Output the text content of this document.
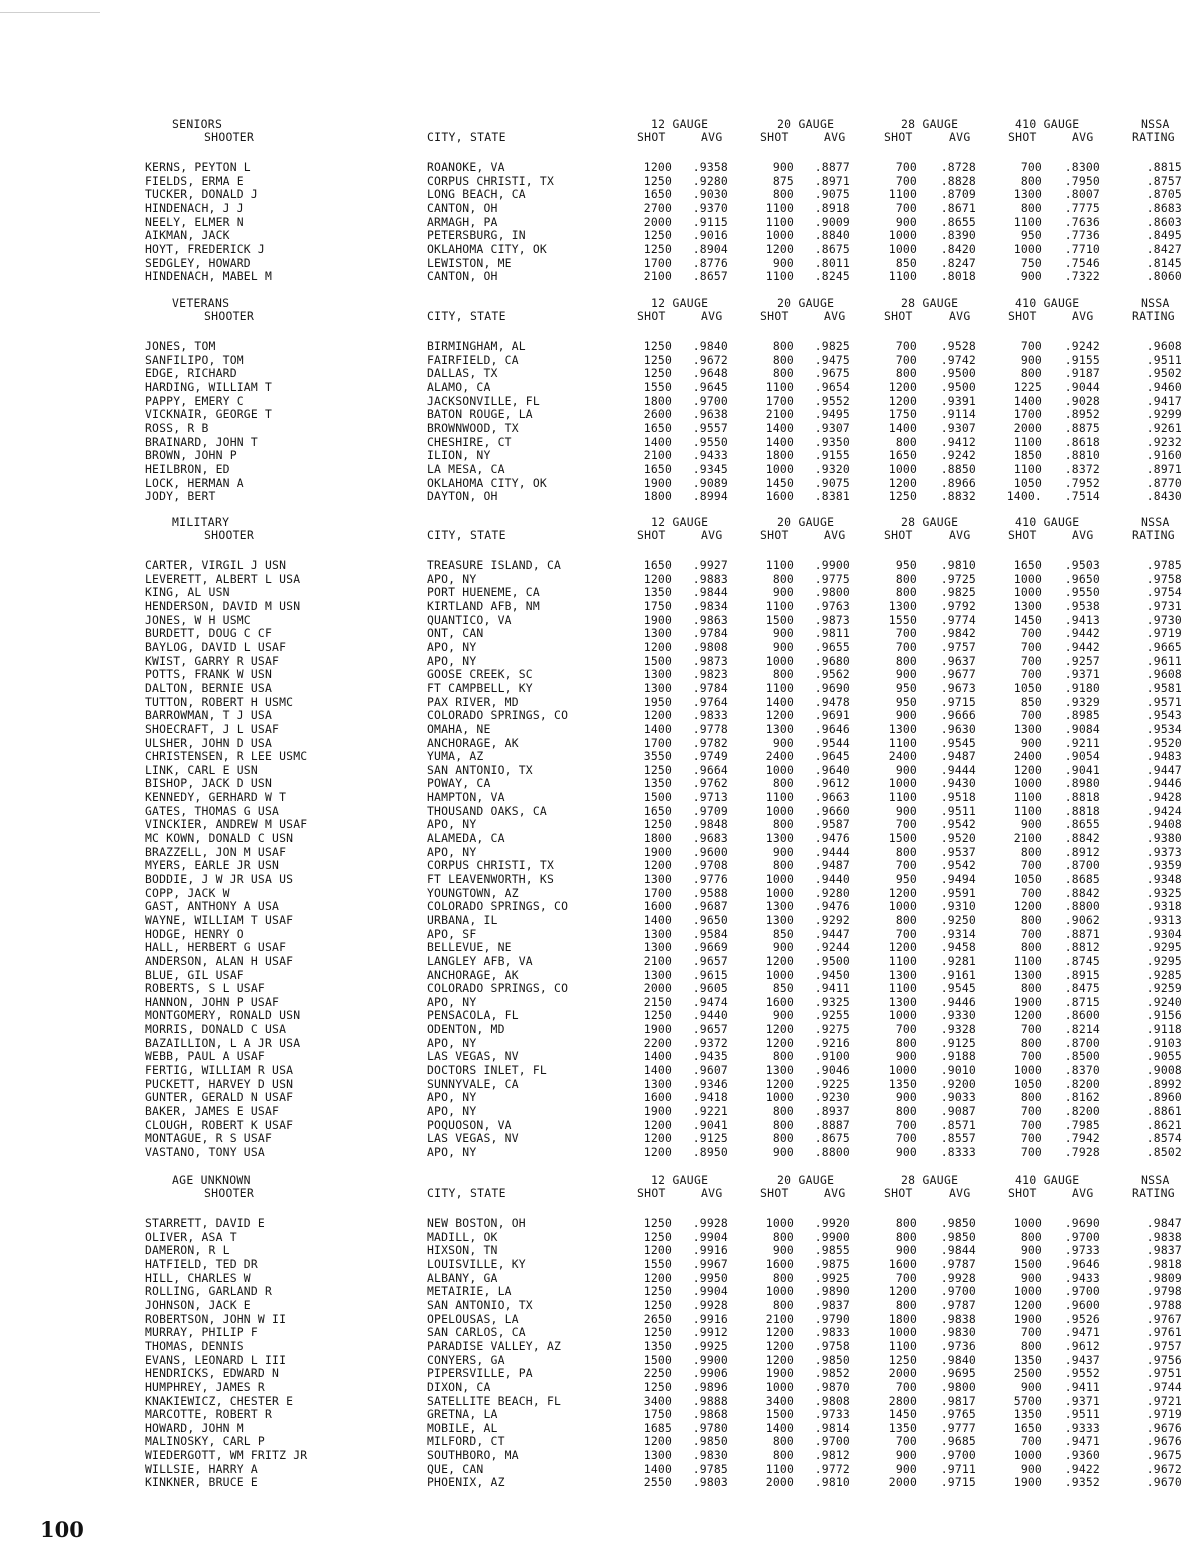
SENIORS	12 GAUGE	20 GAUGE	28 GAUGE	410 GAUGE	NSSA
SHOOTER	CITY, STATE	SHOT	AVG	SHOT	AVG	SHOT	AVG	SHOT	AVG	RATING
KERNS, PEYTON L	ROANOKE, VA	1200 .9358	900 .8877	700 .8728	700 .8300	.8815
FIELDS, ERMA E	CORPUS CHRISTI, TX	1250 .9280	875 .8971	700 .8828	800 .7950	.8757
TUCKER, DONALD J	LONG BEACH, CA	1650 .9030	800 .9075	1100 .8709	1300 .8007	.8705
HINDENACH, J J	CANTON, OH	2700 .9370	1100 .8918	700 .8671	800 .7775	.8683
NEELY, ELMER N	ARMAGH, PA	2000 .9115	1100 .9009	900 .8655	1100 .7636	.8603
AIKMAN, JACK	PETERSBURG, IN	1250 .9016	1000 .8840	1000 .8390	950 .7736	.8495
HOYT, FREDERICK J	OKLAHOMA CITY, OK	1250 .8904	1200 .8675	1000 .8420	1000 .7710	.8427
SEDGLEY, HOWARD	LEWISTON, ME	1700 .8776	900 .8011	850 .8247	750 .7546	.8145
HINDENACH, MABEL M	CANTON, OH	2100 .8657	1100 .8245	1100 .8018	900 .7322	.8060
VETERANS	12 GAUGE	20 GAUGE	28 GAUGE	410 GAUGE	NSSA
SHOOTER	CITY, STATE	SHOT	AVG	SHOT	AVG	SHOT	AVG	SHOT	AVG	RATING
JONES, TOM	BIRMINGHAM, AL	1250 .9840	800 .9825	700 .9528	700 .9242	.9608
SANFILIPO, TOM	FAIRFIELD, CA	1250 .9672	800 .9475	700 .9742	900 .9155	.9511
EDGE, RICHARD	DALLAS, TX	1250 .9648	800 .9675	800 .9500	800 .9187	.9502
HARDING, WILLIAM T	ALAMO, CA	1550 .9645	1100 .9654	1200 .9500	1225 .9044	.9460
PAPPY, EMERY C	JACKSONVILLE, FL	1800 .9700	1700 .9552	1200 .9391	1400 .9028	.9417
VICKNAIR, GEORGE T	BATON ROUGE, LA	2600 .9638	2100 .9495	1750 .9114	1700 .8952	.9299
ROSS, R B	BROWNWOOD, TX	1650 .9557	1400 .9307	1400 .9307	2000 .8875	.9261
BRAINARD, JOHN T	CHESHIRE, CT	1400 .9550	1400 .9350	800 .9412	1100 .8618	.9232
BROWN, JOHN P	ILION, NY	2100 .9433	1800 .9155	1650 .9242	1850 .8810	.9160
HEILBRON, ED	LA MESA, CA	1650 .9345	1000 .9320	1000 .8850	1100 .8372	.8971
LOCK, HERMAN A	OKLAHOMA CITY, OK	1900 .9089	1450 .9075	1200 .8966	1050 .7952	.8770
JODY, BERT	DAYTON, OH	1800 .8994	1600 .8381	1250 .8832	1400. .7514	.8430
MILITARY	12 GAUGE	20 GAUGE	28 GAUGE	410 GAUGE	NSSA
SHOOTER	CITY, STATE	SHOT	AVG	SHOT	AVG	SHOT	AVG	SHOT	AVG	RATING
CARTER, VIRGIL J USN	TREASURE ISLAND, CA	1650 .9927	1100 .9900	950 .9810	1650 .9503	.9785
LEVERETT, ALBERT L USA	APO, NY	1200 .9883	800 .9775	800 .9725	1000 .9650	.9758
KING, AL USN	PORT HUENEME, CA	1350 .9844	900 .9800	800 .9825	1000 .9550	.9754
HENDERSON, DAVID M USN	KIRTLAND AFB, NM	1750 .9834	1100 .9763	1300 .9792	1300 .9538	.9731
JONES, W H USMC	QUANTICO, VA	1900 .9863	1500 .9873	1550 .9774	1450 .9413	.9730
BURDETT, DOUG C CF	ONT, CAN	1300 .9784	900 .9811	700 .9842	700 .9442	.9719
BAYLOG, DAVID L USAF	APO, NY	1200 .9808	900 .9655	700 .9757	700 .9442	.9665
KWIST, GARRY R USAF	APO, NY	1500 .9873	1000 .9680	800 .9637	700 .9257	.9611
POTTS, FRANK W USN	GOOSE CREEK, SC	1300 .9823	800 .9562	900 .9677	700 .9371	.9608
DALTON, BERNIE USA	FT CAMPBELL, KY	1300 .9784	1100 .9690	950 .9673	1050 .9180	.9581
TUTTON, ROBERT H USMC	PAX RIVER, MD	1950 .9764	1400 .9478	950 .9715	850 .9329	.9571
BARROWMAN, T J USA	COLORADO SPRINGS, CO	1200 .9833	1200 .9691	900 .9666	700 .8985	.9543
SHOECRAFT, J L USAF	OMAHA, NE	1400 .9778	1300 .9646	1300 .9630	1300 .9084	.9534
ULSHER, JOHN D USA	ANCHORAGE, AK	1700 .9782	900 .9544	1100 .9545	900 .9211	.9520
CHRISTENSEN, R LEE USMC	YUMA, AZ	3550 .9749	2400 .9645	2400 .9487	2400 .9054	.9483
LINK, CARL E USN	SAN ANTONIO, TX	1250 .9664	1000 .9640	900 .9444	1200 .9041	.9447
BISHOP, JACK D USN	POWAY, CA	1350 .9762	800 .9612	1000 .9430	1000 .8980	.9446
KENNEDY, GERHARD W T	HAMPTON, VA	1500 .9713	1100 .9663	1100 .9518	1100 .8818	.9428
GATES, THOMAS G USA	THOUSAND OAKS, CA	1650 .9709	1000 .9660	900 .9511	1100 .8818	.9424
VINCKIER, ANDREW M USAF	APO, NY	1250 .9848	800 .9587	700 .9542	900 .8655	.9408
MC KOWN, DONALD C USN	ALAMEDA, CA	1800 .9683	1300 .9476	1500 .9520	2100 .8842	.9380
BRAZZELL, JON M USAF	APO, NY	1900 .9600	900 .9444	800 .9537	800 .8912	.9373
MYERS, EARLE JR USN	CORPUS CHRISTI, TX	1200 .9708	800 .9487	700 .9542	700 .8700	.9359
BODDIE, J W JR USA US	FT LEAVENWORTH, KS	1300 .9776	1000 .9440	950 .9494	1050 .8685	.9348
COPP, JACK W	YOUNGTOWN, AZ	1700 .9588	1000 .9280	1200 .9591	700 .8842	.9325
GAST, ANTHONY A USA	COLORADO SPRINGS, CO	1600 .9687	1300 .9476	1000 .9310	1200 .8800	.9318
WAYNE, WILLIAM T USAF	URBANA, IL	1400 .9650	1300 .9292	800 .9250	800 .9062	.9313
HODGE, HENRY O	APO, SF	1300 .9584	850 .9447	700 .9314	700 .8871	.9304
HALL, HERBERT G USAF	BELLEVUE, NE	1300 .9669	900 .9244	1200 .9458	800 .8812	.9295
ANDERSON, ALAN H USAF	LANGLEY AFB, VA	2100 .9657	1200 .9500	1100 .9281	1100 .8745	.9295
BLUE, GIL USAF	ANCHORAGE, AK	1300 .9615	1000 .9450	1300 .9161	1300 .8915	.9285
ROBERTS, S L USAF	COLORADO SPRINGS, CO	2000 .9605	850 .9411	1100 .9545	800 .8475	.9259
HANNON, JOHN P USAF	APO, NY	2150 .9474	1600 .9325	1300 .9446	1900 .8715	.9240
MONTGOMERY, RONALD USN	PENSACOLA, FL	1250 .9440	900 .9255	1000 .9330	1200 .8600	.9156
MORRIS, DONALD C USA	ODENTON, MD	1900 .9657	1200 .9275	700 .9328	700 .8214	.9118
BAZAILLION, L A JR USA	APO, NY	2200 .9372	1200 .9216	800 .9125	800 .8700	.9103
WEBB, PAUL A USAF	LAS VEGAS, NV	1400 .9435	800 .9100	900 .9188	700 .8500	.9055
FERTIG, WILLIAM R USA	DOCTORS INLET, FL	1400 .9607	1300 .9046	1000 .9010	1000 .8370	.9008
PUCKETT, HARVEY D USN	SUNNYVALE, CA	1300 .9346	1200 .9225	1350 .9200	1050 .8200	.8992
GUNTER, GERALD N USAF	APO, NY	1600 .9418	1000 .9230	900 .9033	800 .8162	.8960
BAKER, JAMES E USAF	APO, NY	1900 .9221	800 .8937	800 .9087	700 .8200	.8861
CLOUGH, ROBERT K USAF	POQUOSON, VA	1200 .9041	800 .8887	700 .8571	700 .7985	.8621
MONTAGUE, R S USAF	LAS VEGAS, NV	1200 .9125	800 .8675	700 .8557	700 .7942	.8574
VASTANO, TONY USA	APO, NY	1200 .8950	900 .8800	900 .8333	700 .7928	.8502
AGE UNKNOWN	12 GAUGE	20 GAUGE	28 GAUGE	410 GAUGE	NSSA
SHOOTER	CITY, STATE	SHOT	AVG	SHOT	AVG	SHOT	AVG	SHOT	AVG	RATING
STARRETT, DAVID E	NEW BOSTON, OH	1250 .9928	1000 .9920	800 .9850	1000 .9690	.9847
OLIVER, ASA T	MADILL, OK	1250 .9904	800 .9900	800 .9850	800 .9700	.9838
DAMERON, R L	HIXSON, TN	1200 .9916	900 .9855	900 .9844	900 .9733	.9837
HATFIELD, TED DR	LOUISVILLE, KY	1550 .9967	1600 .9875	1600 .9787	1500 .9646	.9818
HILL, CHARLES W	ALBANY, GA	1200 .9950	800 .9925	700 .9928	900 .9433	.9809
ROLLING, GARLAND R	METAIRIE, LA	1250 .9904	1000 .9890	1200 .9700	1000 .9700	.9798
JOHNSON, JACK E	SAN ANTONIO, TX	1250 .9928	800 .9837	800 .9787	1200 .9600	.9788
ROBERTSON, JOHN W II	OPELOUSAS, LA	2650 .9916	2100 .9790	1800 .9838	1900 .9526	.9767
MURRAY, PHILIP F	SAN CARLOS, CA	1250 .9912	1200 .9833	1000 .9830	700 .9471	.9761
THOMAS, DENNIS	PARADISE VALLEY, AZ	1350 .9925	1200 .9758	1100 .9736	800 .9612	.9757
EVANS, LEONARD L III	CONYERS, GA	1500 .9900	1200 .9850	1250 .9840	1350 .9437	.9756
HENDRICKS, EDWARD N	PIPERSVILLE, PA	2250 .9906	1900 .9852	2000 .9695	2500 .9552	.9751
HUMPHREY, JAMES R	DIXON, CA	1250 .9896	1000 .9870	700 .9800	900 .9411	.9744
KNAKIEWICZ, CHESTER E	SATELLITE BEACH, FL	3400 .9888	3400 .9808	2800 .9817	5700 .9371	.9721
MARCOTTE, ROBERT R	GRETNA, LA	1750 .9868	1500 .9733	1450 .9765	1350 .9511	.9719
HOWARD, JOHN M	MOBILE, AL	1685 .9780	1400 .9814	1350 .9777	1650 .9333	.9676
MALINOSKY, CARL P	MILFORD, CT	1200 .9850	800 .9700	700 .9685	700 .9471	.9676
WIEDERGOTT, WM FRITZ JR	SOUTHBORO, MA	1300 .9830	800 .9812	900 .9700	1000 .9360	.9675
WILLSIE, HARRY A	QUE, CAN	1400 .9785	1100 .9772	900 .9711	900 .9422	.9672
KINKNER, BRUCE E	PHOENIX, AZ	2550 .9803	2000 .9810	2000 .9715	1900 .9352	.9670
100
